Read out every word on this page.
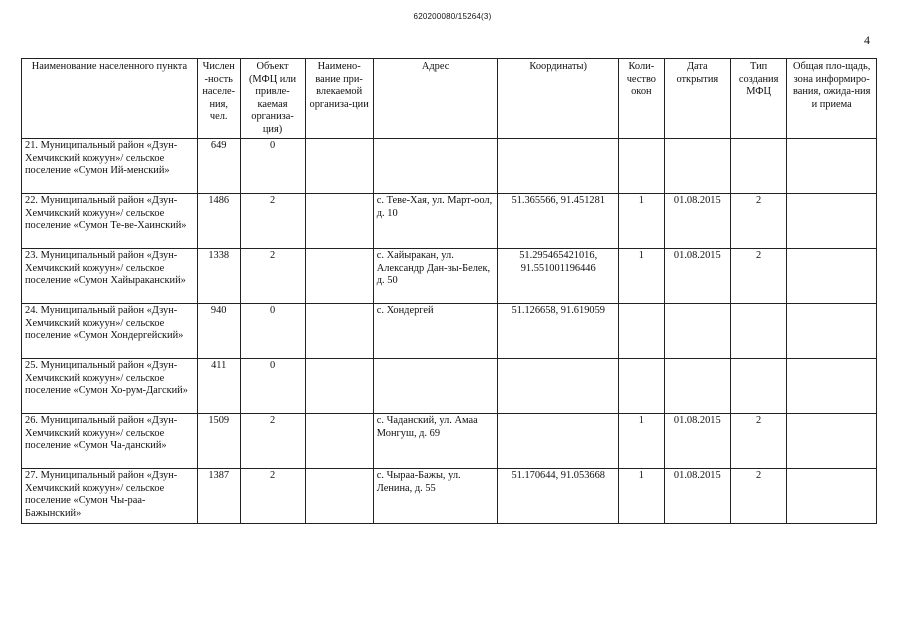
620200080/15264(3)
4
Наименование населенного пункта	Числен-ность населе-ния, чел.	Объект (МФЦ или привле-каемая организа-ция)	Наимено-вание при-влекаемой организа-ции	Адрес	Координаты)	Коли-чество окон	Дата открытия	Тип создания МФЦ	Общая пло-щадь, зона информиро-вания, ожида-ния и приема
21. Муниципальный район «Дзун-Хемчикский кожуун»/ сельское поселение «Сумон Ий-менский»	649	0							
22. Муниципальный район «Дзун-Хемчикский кожуун»/ сельское поселение «Сумон Те-ве-Хаинский»	1486	2		с. Теве-Хая, ул. Март-оол, д. 10	51.365566, 91.451281	1	01.08.2015	2	
23. Муниципальный район «Дзун-Хемчикский кожуун»/ сельское поселение «Сумон Хайыраканский»	1338	2		с. Хайыракан, ул. Александр Дан-зы-Белек, д. 50	51.295465421016, 91.551001196446	1	01.08.2015	2	
24. Муниципальный район «Дзун-Хемчикский кожуун»/ сельское поселение «Сумон Хондергейский»	940	0		с. Хондергей	51.126658, 91.619059				
25. Муниципальный район «Дзун-Хемчикский кожуун»/ сельское поселение «Сумон Хо-рум-Дагский»	411	0							
26. Муниципальный район «Дзун-Хемчикский кожуун»/ сельское поселение «Сумон Ча-данский»	1509	2		с. Чаданский, ул. Амаа Монгуш, д. 69		1	01.08.2015	2	
27. Муниципальный район «Дзун-Хемчикский кожуун»/ сельское поселение «Сумон Чы-раа-Бажынский»	1387	2		с. Чыраа-Бажы, ул. Ленина, д. 55	51.170644, 91.053668	1	01.08.2015	2	
